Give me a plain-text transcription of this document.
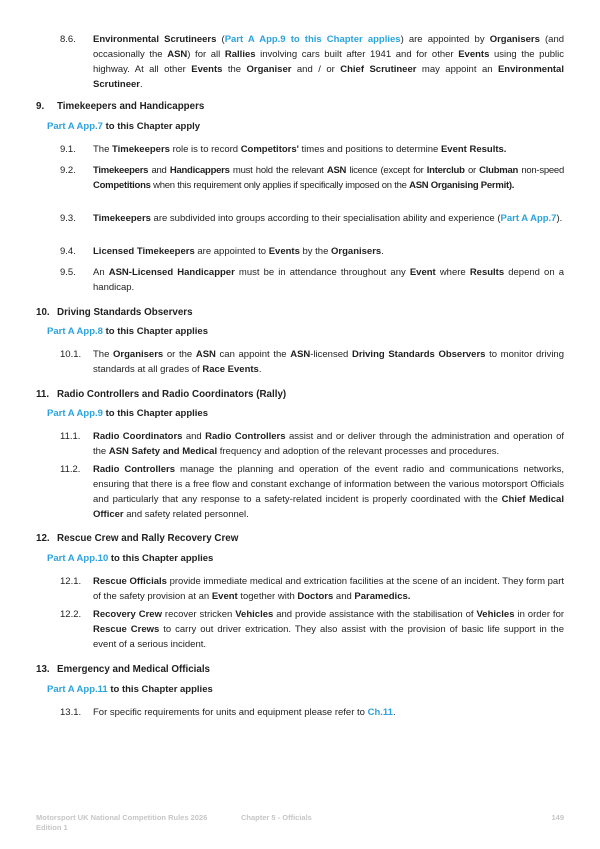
8.6. Environmental Scrutineers (Part A App.9 to this Chapter applies) are appointed by Organisers (and occasionally the ASN) for all Rallies involving cars built after 1941 and for other Events using the public highway. At all other Events the Organiser and / or Chief Scrutineer may appoint an Environmental Scrutineer.
9. Timekeepers and Handicappers
Part A App.7 to this Chapter apply
9.1. The Timekeepers role is to record Competitors' times and positions to determine Event Results.
9.2. Timekeepers and Handicappers must hold the relevant ASN licence (except for Interclub or Clubman non-speed Competitions when this requirement only applies if specifically imposed on the ASN Organising Permit).
9.3. Timekeepers are subdivided into groups according to their specialisation ability and experience (Part A App.7).
9.4. Licensed Timekeepers are appointed to Events by the Organisers.
9.5. An ASN-Licensed Handicapper must be in attendance throughout any Event where Results depend on a handicap.
10. Driving Standards Observers
Part A App.8 to this Chapter applies
10.1. The Organisers or the ASN can appoint the ASN-licensed Driving Standards Observers to monitor driving standards at all grades of Race Events.
11. Radio Controllers and Radio Coordinators (Rally)
Part A App.9 to this Chapter applies
11.1. Radio Coordinators and Radio Controllers assist and or deliver through the administration and operation of the ASN Safety and Medical frequency and adoption of the relevant processes and procedures.
11.2. Radio Controllers manage the planning and operation of the event radio and communications networks, ensuring that there is a free flow and constant exchange of information between the various motorsport Officials and particularly that any response to a safety-related incident is properly coordinated with the Chief Medical Officer and safety related personnel.
12. Rescue Crew and Rally Recovery Crew
Part A App.10 to this Chapter applies
12.1. Rescue Officials provide immediate medical and extrication facilities at the scene of an incident. They form part of the safety provision at an Event together with Doctors and Paramedics.
12.2. Recovery Crew recover stricken Vehicles and provide assistance with the stabilisation of Vehicles in order for Rescue Crews to carry out driver extrication. They also assist with the provision of basic life support in the event of a serious incident.
13. Emergency and Medical Officials
Part A App.11 to this Chapter applies
13.1. For specific requirements for units and equipment please refer to Ch.11.
Motorsport UK National Competition Rules 2026
Edition 1
Chapter 5 - Officials	149
